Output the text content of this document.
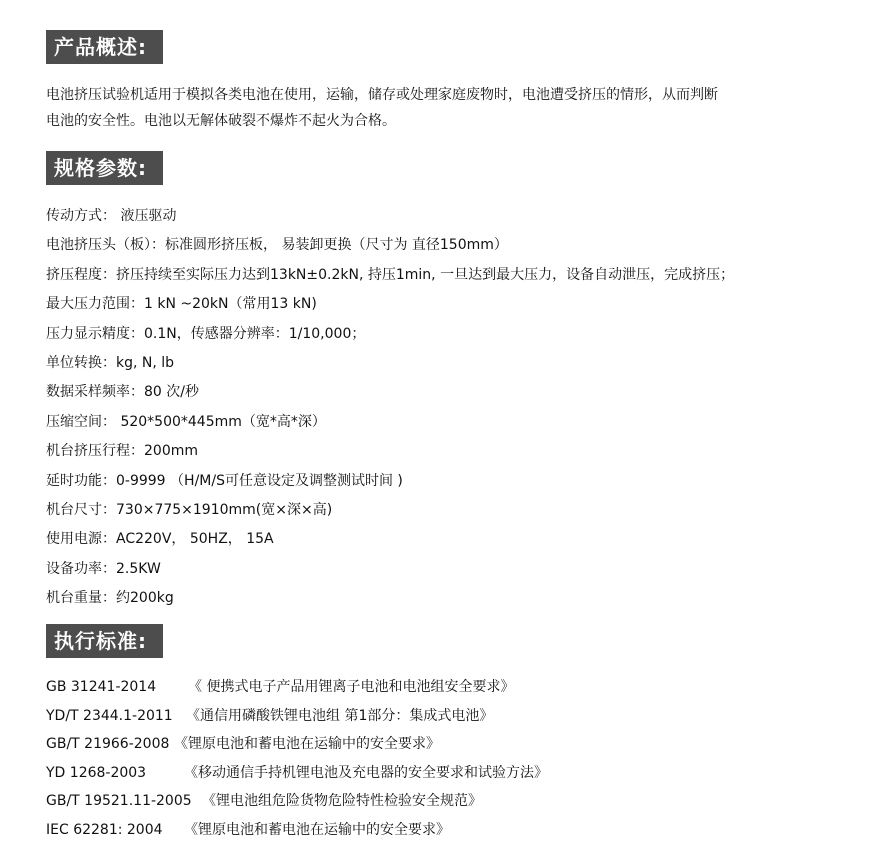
产品概述:
电池挤压试验机适用于模拟各类电池在使用，运输，储存或处理家庭废物时，电池遭受挤压的情形，从而判断
电池的安全性。电池以无解体破裂不爆炸不起火为合格。
规格参数:
传动方式： 液压驱动
电池挤压头（板）：标准圆形挤压板， 易装卸更换（尺寸为 直径150mm）
挤压程度：挤压持续至实际压力达到13kN±0.2kN, 持压1min, 一旦达到最大压力，设备自动泄压，完成挤压；
最大压力范围：1 kN ~20kN（常用13 kN)
压力显示精度：0.1N，传感器分辨率：1/10,000；
单位转换：kg, N, lb
数据采样频率：80 次/秒
压缩空间： 520*500*445mm（宽*高*深）
机台挤压行程：200mm
延时功能：0-9999 （H/M/S可任意设定及调整测试时间 )
机台尺寸：730×775×1910mm(宽×深×高)
使用电源：AC220V， 50HZ， 15A
设备功率：2.5KW
机台重量：约200kg
执行标准:
GB 31241-2014 《 便携式电子产品用锂离子电池和电池组安全要求》
YD/T 2344.1-2011 《通信用磷酸铁锂电池组 第1部分：集成式电池》
GB/T 21966-2008 《锂原电池和蓄电池在运输中的安全要求》
YD 1268-2003	《移动通信手持机锂电池及充电器的安全要求和试验方法》
GB/T 19521.11-2005 《锂电池组危险货物危险特性检验安全规范》
IEC 62281: 2004 《锂原电池和蓄电池在运输中的安全要求》
